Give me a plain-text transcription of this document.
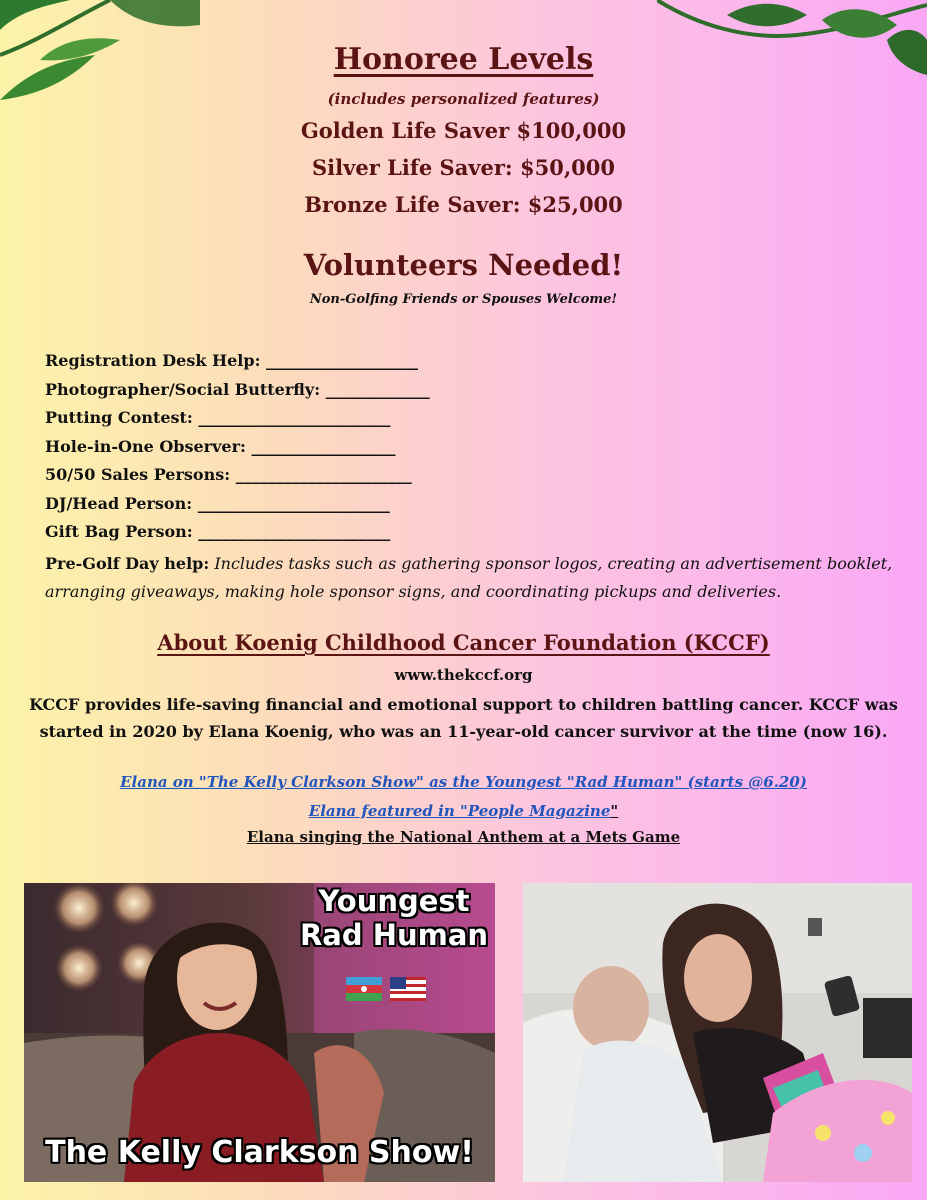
Honoree Levels
(includes personalized features)
Golden Life Saver $100,000
Silver Life Saver: $50,000
Bronze Life Saver: $25,000
Volunteers Needed!
Non-Golfing Friends or Spouses Welcome!
Registration Desk Help: ___________________
Photographer/Social Butterfly: _____________
Putting Contest: ________________________
Hole-in-One Observer: __________________
50/50 Sales Persons: ______________________
DJ/Head Person: ________________________
Gift Bag Person: ________________________
Pre-Golf Day help: Includes tasks such as gathering sponsor logos, creating an advertisement booklet, arranging giveaways, making hole sponsor signs, and coordinating pickups and deliveries.
About Koenig Childhood Cancer Foundation (KCCF)
www.thekccf.org
KCCF provides life-saving financial and emotional support to children battling cancer. KCCF was started in 2020 by Elana Koenig, who was an 11-year-old cancer survivor at the time (now 16).
Elana on "The Kelly Clarkson Show" as the Youngest "Rad Human" (starts @6.20)
Elana featured in "People Magazine"
Elana singing the National Anthem at a Mets Game
Youngest
Rad Human
The Kelly Clarkson Show!
